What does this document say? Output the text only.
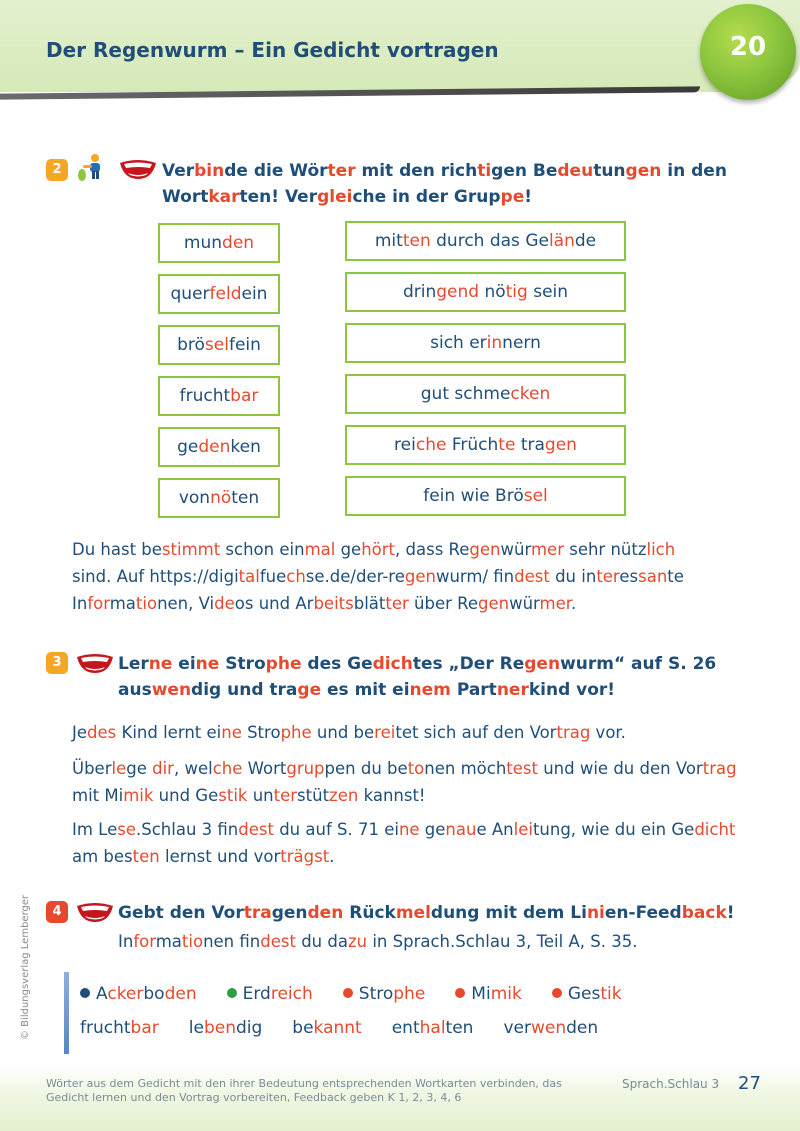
Der Regenwurm – Ein Gedicht vortragen	20
2	Verbinde die Wörter mit den richtigen Bedeutungen in den
Wortkarten! Vergleiche in der Gruppe!
munden
querfeldein
bröselfein
fruchtbar
gedenken
vonnöten
mitten durch das Gelände
dringend nötig sein
sich erinnern
gut schmecken
reiche Früchte tragen
fein wie Brösel
Du hast bestimmt schon einmal gehört, dass Regenwürmer sehr nützlich
sind. Auf https://digitalfuechse.de/der-regenwurm/ findest du interessante
Informationen, Videos und Arbeitsblätter über Regenwürmer.
3	Lerne eine Strophe des Gedichtes „Der Regenwurm“ auf S. 26
auswendig und trage es mit einem Partnerkind vor!
Jedes Kind lernt eine Strophe und bereitet sich auf den Vortrag vor.
Überlege dir, welche Wortgruppen du betonen möchtest und wie du den Vortrag
mit Mimik und Gestik unterstützen kannst!
Im Lese.Schlau 3 findest du auf S. 71 eine genaue Anleitung, wie du ein Gedicht
am besten lernst und vorträgst.
4	Gebt den Vortragenden Rückmeldung mit dem Linien-Feedback!
Informationen findest du dazu in Sprach.Schlau 3, Teil A, S. 35.
Ackerboden	Erdreich	Strophe	Mimik	Gestik
fruchtbar lebendig bekannt enthalten verwenden
© Bildungsverlag Lemberger
Wörter aus dem Gedicht mit den ihrer Bedeutung entsprechenden Wortkarten verbinden, das Gedicht lernen und den Vortrag vorbereiten, Feedback geben K 1, 2, 3, 4, 6
Sprach.Schlau 3 27
